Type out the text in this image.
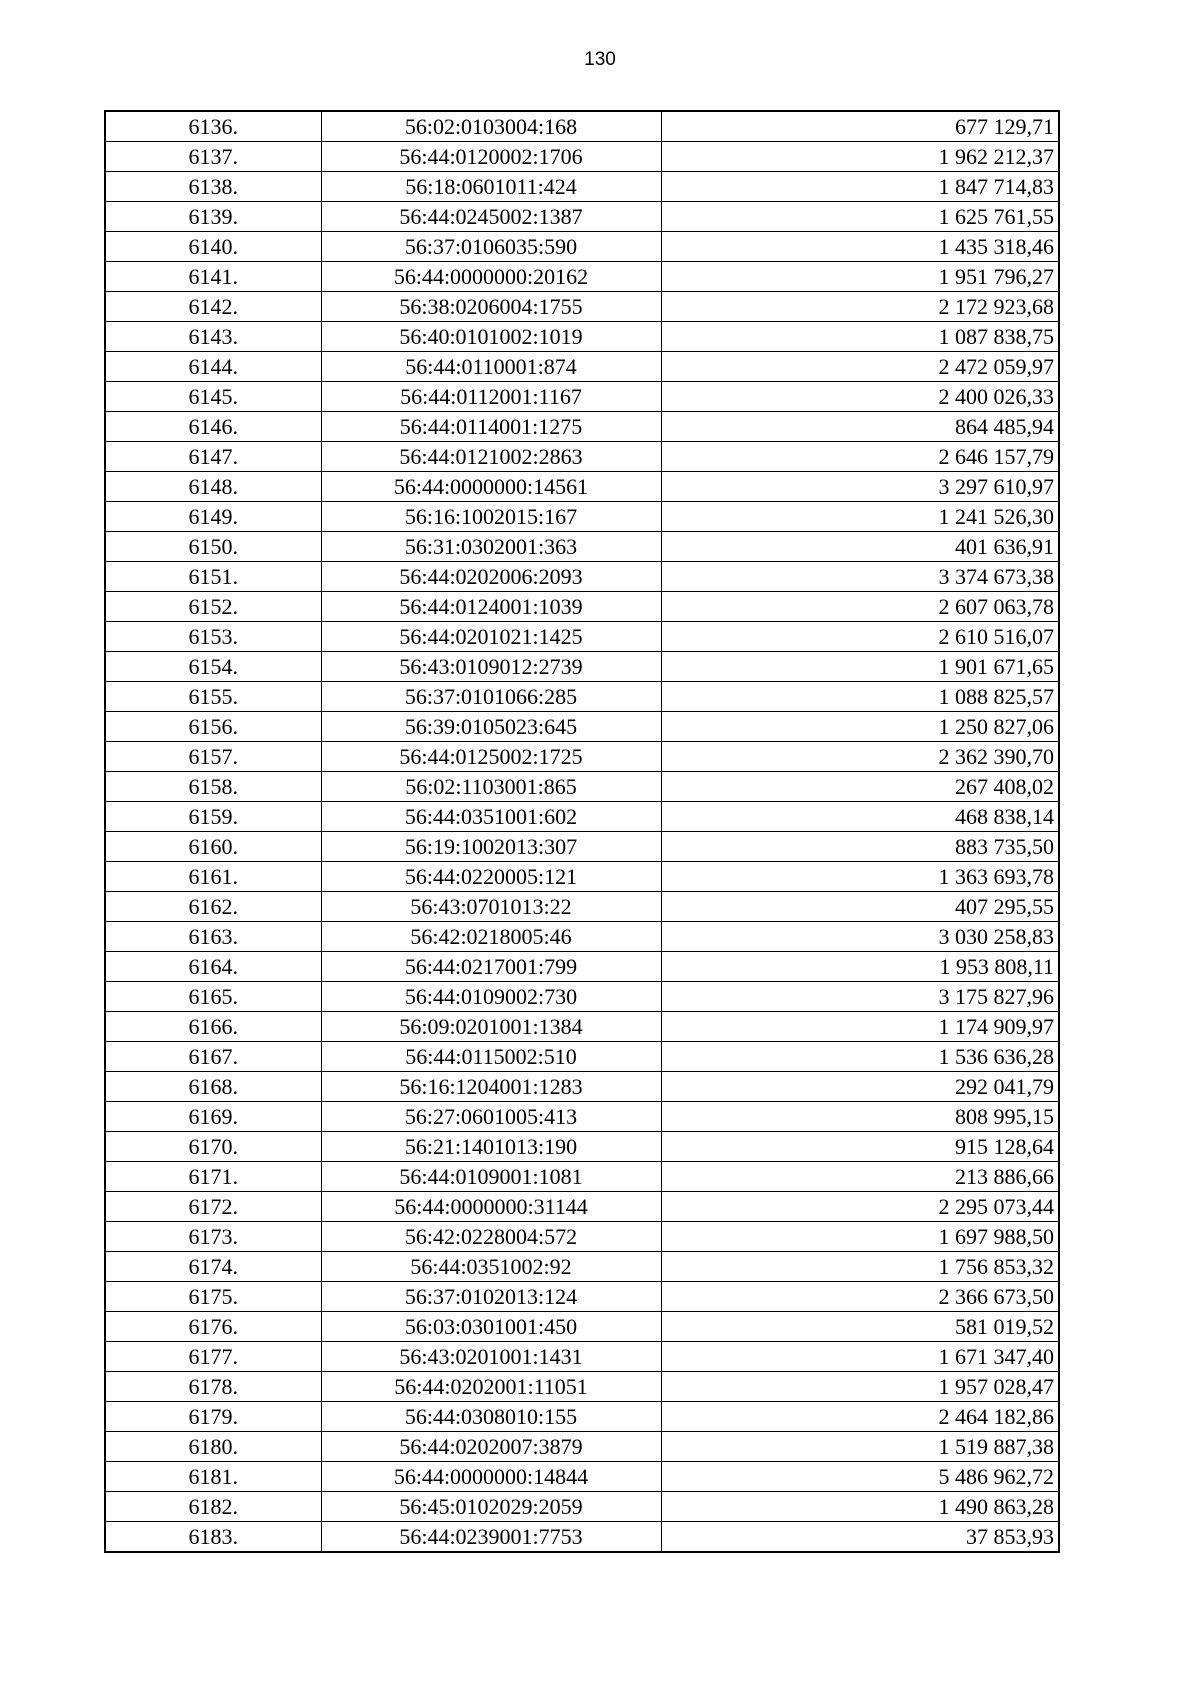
130
6136.	56:02:0103004:168	677 129,71
6137.	56:44:0120002:1706	1 962 212,37
6138.	56:18:0601011:424	1 847 714,83
6139.	56:44:0245002:1387	1 625 761,55
6140.	56:37:0106035:590	1 435 318,46
6141.	56:44:0000000:20162	1 951 796,27
6142.	56:38:0206004:1755	2 172 923,68
6143.	56:40:0101002:1019	1 087 838,75
6144.	56:44:0110001:874	2 472 059,97
6145.	56:44:0112001:1167	2 400 026,33
6146.	56:44:0114001:1275	864 485,94
6147.	56:44:0121002:2863	2 646 157,79
6148.	56:44:0000000:14561	3 297 610,97
6149.	56:16:1002015:167	1 241 526,30
6150.	56:31:0302001:363	401 636,91
6151.	56:44:0202006:2093	3 374 673,38
6152.	56:44:0124001:1039	2 607 063,78
6153.	56:44:0201021:1425	2 610 516,07
6154.	56:43:0109012:2739	1 901 671,65
6155.	56:37:0101066:285	1 088 825,57
6156.	56:39:0105023:645	1 250 827,06
6157.	56:44:0125002:1725	2 362 390,70
6158.	56:02:1103001:865	267 408,02
6159.	56:44:0351001:602	468 838,14
6160.	56:19:1002013:307	883 735,50
6161.	56:44:0220005:121	1 363 693,78
6162.	56:43:0701013:22	407 295,55
6163.	56:42:0218005:46	3 030 258,83
6164.	56:44:0217001:799	1 953 808,11
6165.	56:44:0109002:730	3 175 827,96
6166.	56:09:0201001:1384	1 174 909,97
6167.	56:44:0115002:510	1 536 636,28
6168.	56:16:1204001:1283	292 041,79
6169.	56:27:0601005:413	808 995,15
6170.	56:21:1401013:190	915 128,64
6171.	56:44:0109001:1081	213 886,66
6172.	56:44:0000000:31144	2 295 073,44
6173.	56:42:0228004:572	1 697 988,50
6174.	56:44:0351002:92	1 756 853,32
6175.	56:37:0102013:124	2 366 673,50
6176.	56:03:0301001:450	581 019,52
6177.	56:43:0201001:1431	1 671 347,40
6178.	56:44:0202001:11051	1 957 028,47
6179.	56:44:0308010:155	2 464 182,86
6180.	56:44:0202007:3879	1 519 887,38
6181.	56:44:0000000:14844	5 486 962,72
6182.	56:45:0102029:2059	1 490 863,28
6183.	56:44:0239001:7753	37 853,93
